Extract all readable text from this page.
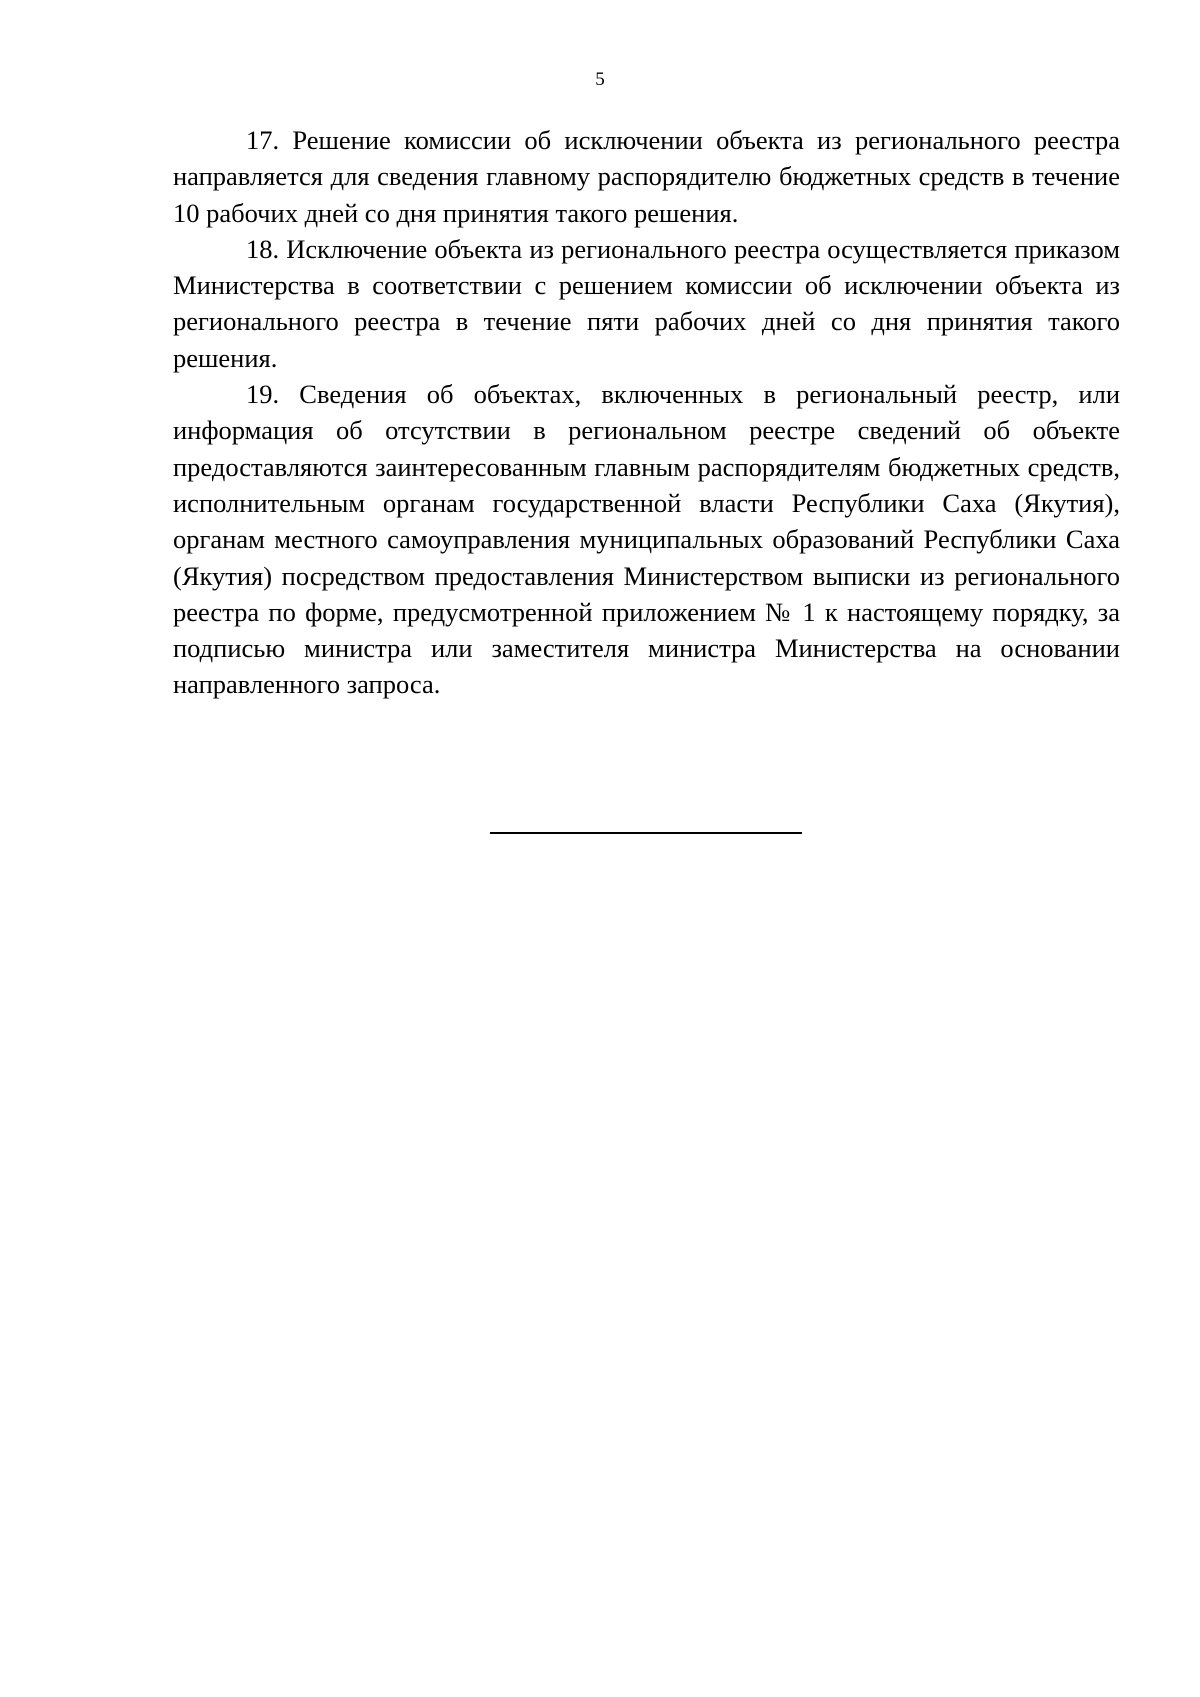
5

17. Решение комиссии об исключении объекта из регионального реестра направляется для сведения главному распорядителю бюджетных средств в течение 10 рабочих дней со дня принятия такого решения.

18. Исключение объекта из регионального реестра осуществляется приказом Министерства в соответствии с решением комиссии об исключении объекта из регионального реестра в течение пяти рабочих дней со дня принятия такого решения.

19. Сведения об объектах, включенных в региональный реестр, или информация об отсутствии в региональном реестре сведений об объекте предоставляются заинтересованным главным распорядителям бюджетных средств, исполнительным органам государственной власти Республики Саха (Якутия), органам местного самоуправления муниципальных образований Республики Саха (Якутия) посредством предоставления Министерством выписки из регионального реестра по форме, предусмотренной приложением № 1 к настоящему порядку, за подписью министра или заместителя министра Министерства на основании направленного запроса.
